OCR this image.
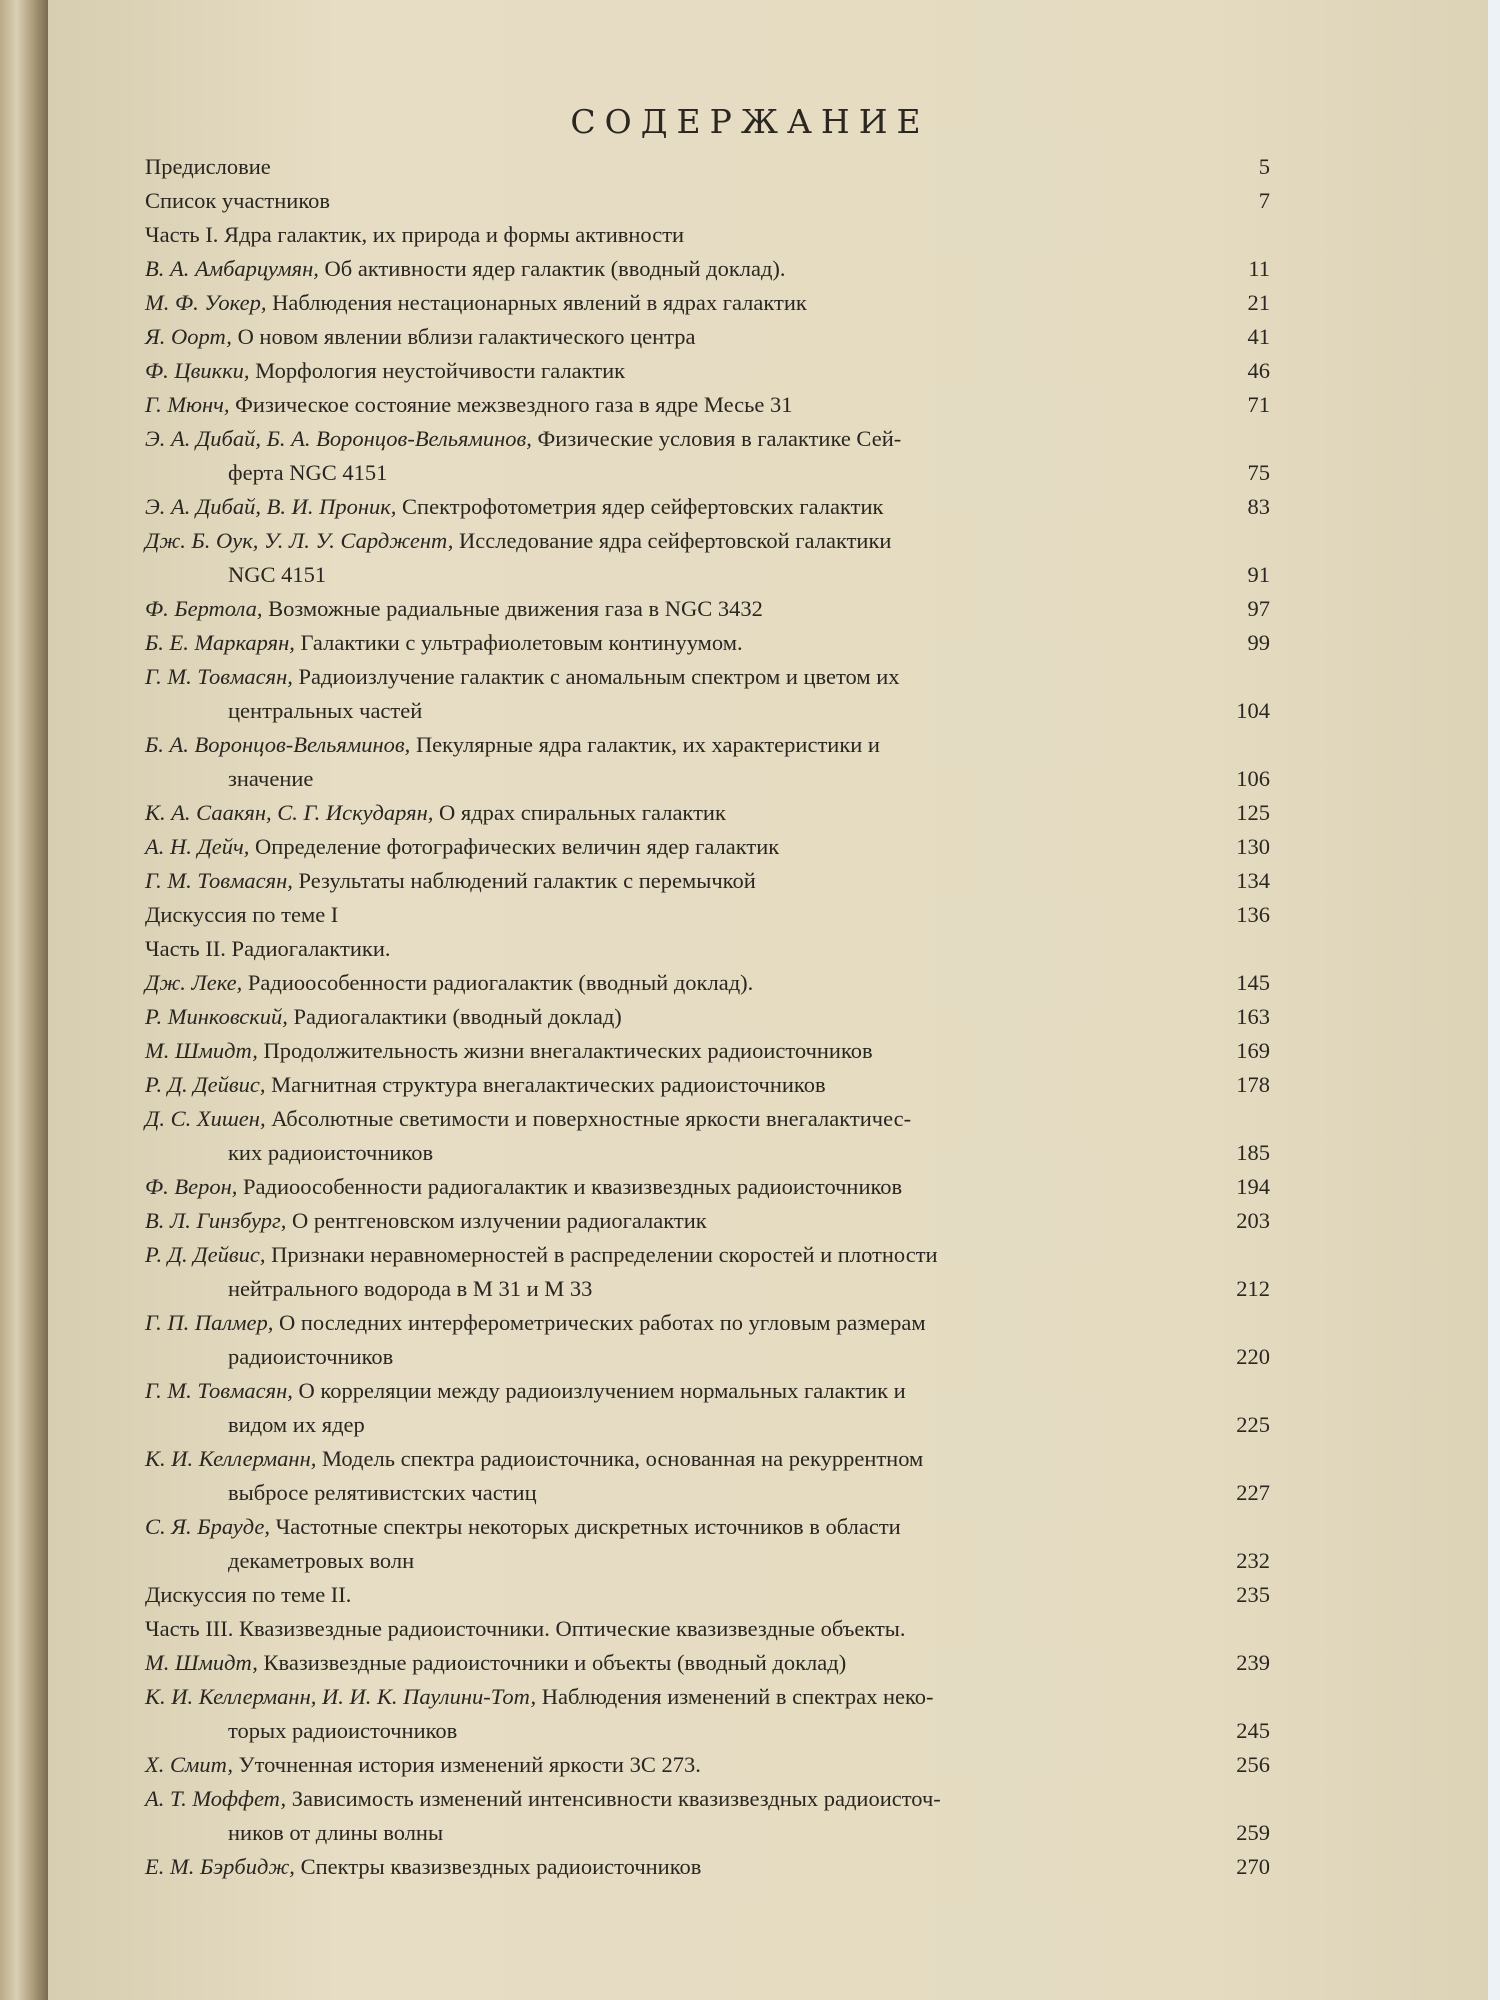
СОДЕРЖАНИЕ
Предисловие	5
Список участников	7
Часть I. Ядра галактик, их природа и формы активности
В. А. Амбарцумян, Об активности ядер галактик (вводный доклад).	11
М. Ф. Уокер, Наблюдения нестационарных явлений в ядрах галактик	21
Я. Оорт, О новом явлении вблизи галактического центра	41
Ф. Цвикки, Морфология неустойчивости галактик	46
Г. Мюнч, Физическое состояние межзвездного газа в ядре Месье 31	71
Э. А. Дибай, Б. А. Воронцов-Вельяминов, Физические условия в галактике Сей-
ферта NGC 4151	75
Э. А. Дибай, В. И. Проник, Спектрофотометрия ядер сейфертовских галактик	83
Дж. Б. Оук, У. Л. У. Сарджент, Исследование ядра сейфертовской галактики
NGC 4151	91
Ф. Бертола, Возможные радиальные движения газа в NGC 3432	97
Б. Е. Маркарян, Галактики с ультрафиолетовым континуумом.	99
Г. М. Товмасян, Радиоизлучение галактик с аномальным спектром и цветом их
центральных частей	104
Б. А. Воронцов-Вельяминов, Пекулярные ядра галактик, их характеристики и
значение	106
К. А. Саакян, С. Г. Искударян, О ядрах спиральных галактик	125
А. Н. Дейч, Определение фотографических величин ядер галактик	130
Г. М. Товмасян, Результаты наблюдений галактик с перемычкой	134
Дискуссия по теме I	136
Часть II. Радиогалактики.
Дж. Леке, Радиоособенности радиогалактик (вводный доклад).	145
Р. Минковский, Радиогалактики (вводный доклад)	163
М. Шмидт, Продолжительность жизни внегалактических радиоисточников	169
Р. Д. Дейвис, Магнитная структура внегалактических радиоисточников	178
Д. С. Хишен, Абсолютные светимости и поверхностные яркости внегалактичес-
ких радиоисточников	185
Ф. Верон, Радиоособенности радиогалактик и квазизвездных радиоисточников	194
В. Л. Гинзбург, О рентгеновском излучении радиогалактик	203
Р. Д. Дейвис, Признаки неравномерностей в распределении скоростей и плотности
нейтрального водорода в М 31 и М 33	212
Г. П. Палмер, О последних интерферометрических работах по угловым размерам
радиоисточников	220
Г. М. Товмасян, О корреляции между радиоизлучением нормальных галактик и
видом их ядер	225
К. И. Келлерманн, Модель спектра радиоисточника, основанная на рекуррентном
выбросе релятивистских частиц	227
С. Я. Брауде, Частотные спектры некоторых дискретных источников в области
декаметровых волн	232
Дискуссия по теме II.	235
Часть III. Квазизвездные радиоисточники. Оптические квазизвездные объекты.
М. Шмидт, Квазизвездные радиоисточники и объекты (вводный доклад)	239
К. И. Келлерманн, И. И. К. Паулини-Тот, Наблюдения изменений в спектрах неко-
торых радиоисточников	245
Х. Смит, Уточненная история изменений яркости 3С 273.	256
А. Т. Моффет, Зависимость изменений интенсивности квазизвездных радиоисточ-
ников от длины волны	259
Е. М. Бэрбидж, Спектры квазизвездных радиоисточников	270
